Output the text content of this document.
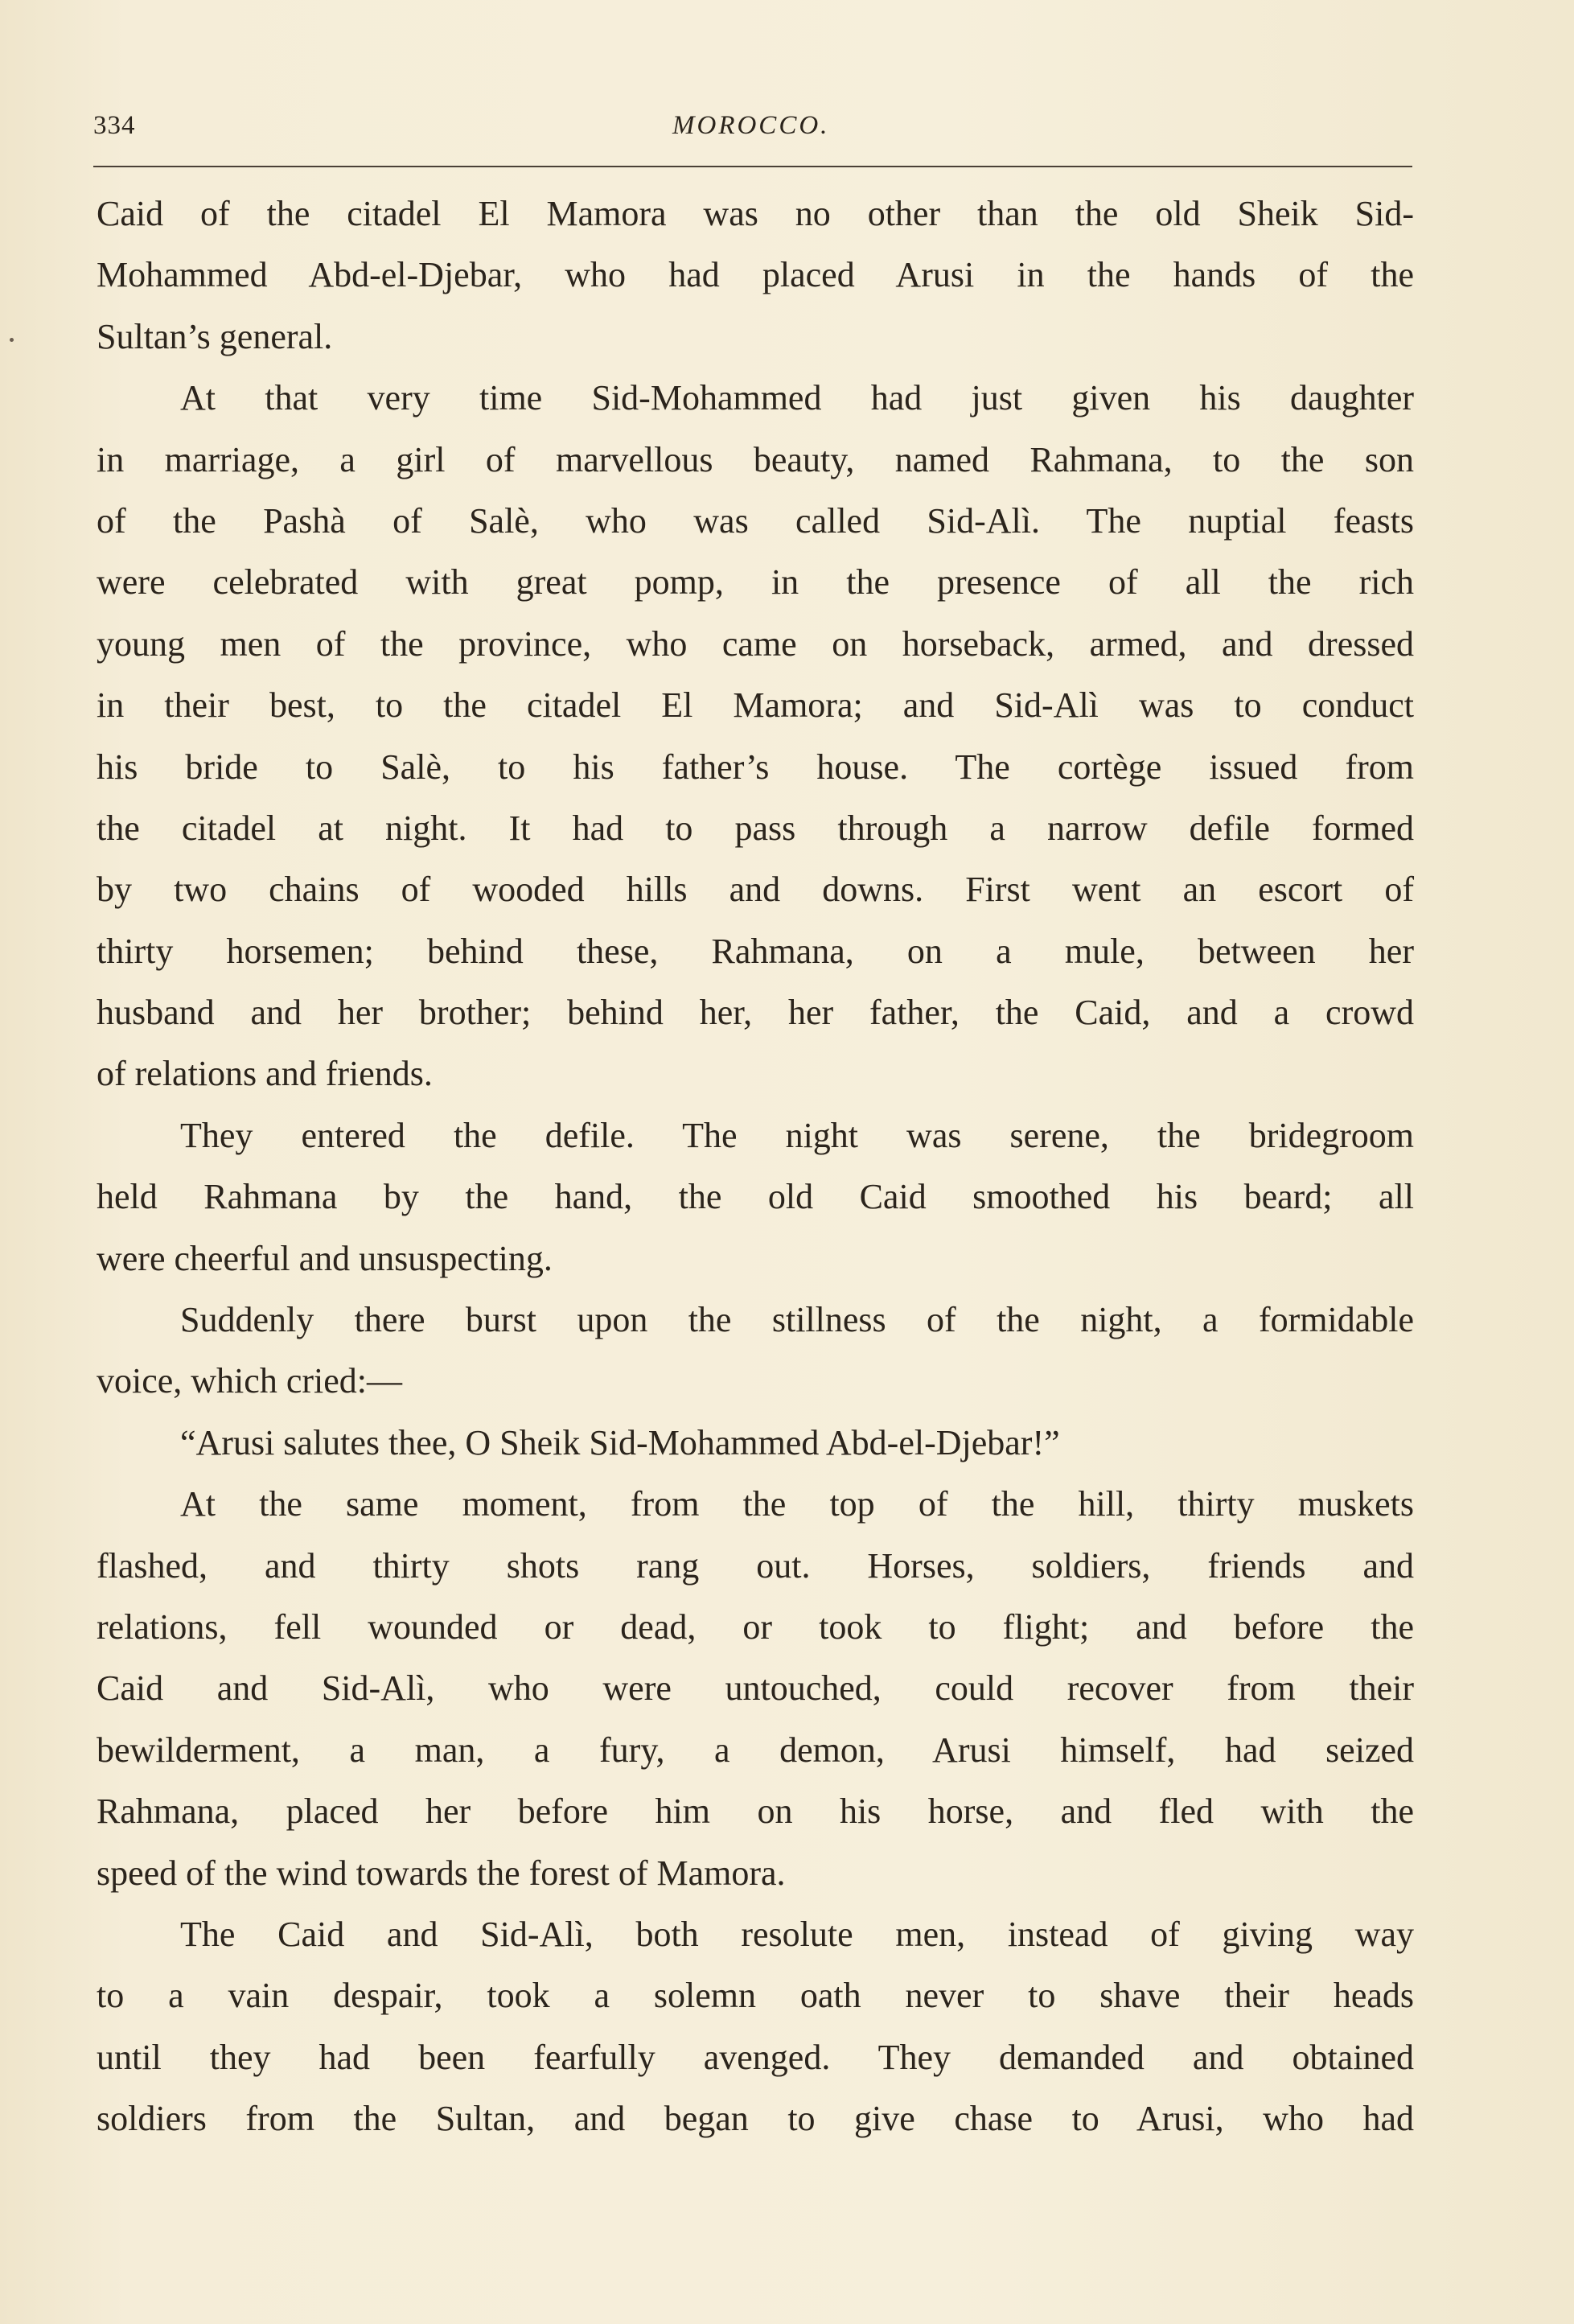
334	MOROCCO.
Caid of the citadel El Mamora was no other than the old Sheik Sid-
Mohammed Abd-el-Djebar, who had placed Arusi in the hands of the
Sultan’s general.
At that very time Sid-Mohammed had just given his daughter
in marriage, a girl of marvellous beauty, named Rahmana, to the son
of the Pashà of Salè, who was called Sid-Alì. The nuptial feasts
were celebrated with great pomp, in the presence of all the rich
young men of the province, who came on horseback, armed, and dressed
in their best, to the citadel El Mamora; and Sid-Alì was to conduct
his bride to Salè, to his father’s house. The cortège issued from
the citadel at night. It had to pass through a narrow defile formed
by two chains of wooded hills and downs. First went an escort of
thirty horsemen; behind these, Rahmana, on a mule, between her
husband and her brother; behind her, her father, the Caid, and a crowd
of relations and friends.
They entered the defile. The night was serene, the bridegroom
held Rahmana by the hand, the old Caid smoothed his beard; all
were cheerful and unsuspecting.
Suddenly there burst upon the stillness of the night, a formidable
voice, which cried:—
“Arusi salutes thee, O Sheik Sid-Mohammed Abd-el-Djebar!”
At the same moment, from the top of the hill, thirty muskets
flashed, and thirty shots rang out. Horses, soldiers, friends and
relations, fell wounded or dead, or took to flight; and before the
Caid and Sid-Alì, who were untouched, could recover from their
bewilderment, a man, a fury, a demon, Arusi himself, had seized
Rahmana, placed her before him on his horse, and fled with the
speed of the wind towards the forest of Mamora.
The Caid and Sid-Alì, both resolute men, instead of giving way
to a vain despair, took a solemn oath never to shave their heads
until they had been fearfully avenged. They demanded and obtained
soldiers from the Sultan, and began to give chase to Arusi, who had
